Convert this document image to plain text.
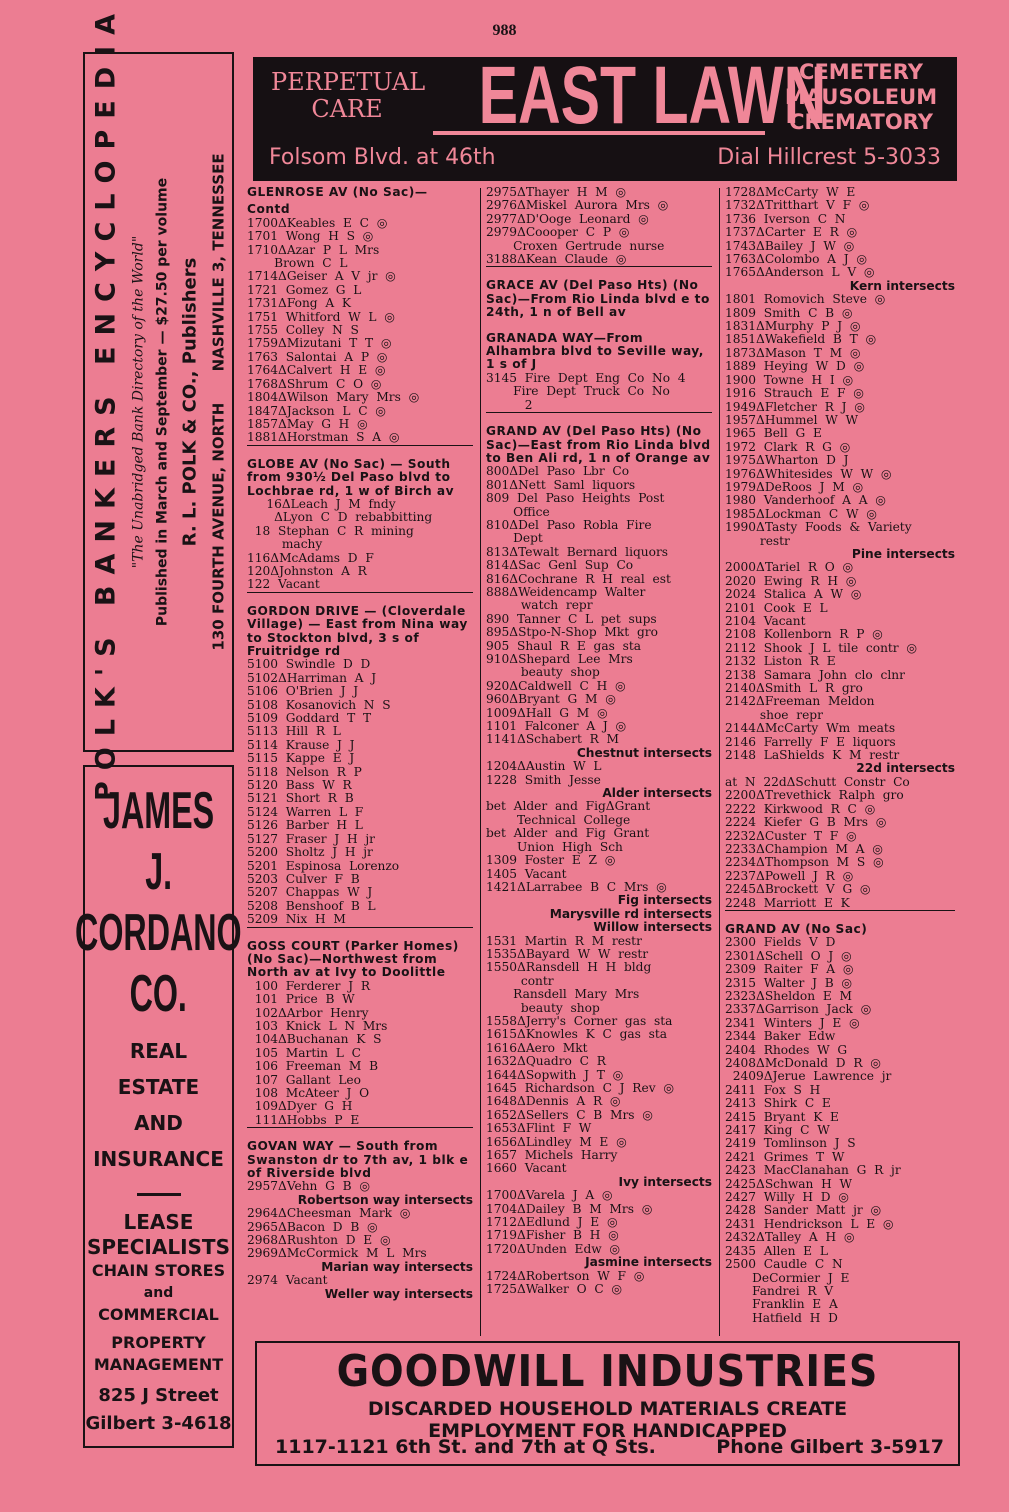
988
POLK'S BANKERS ENCYCLOPEDIA "The Unabridged Bank Directory of the World" Published in March and September — $27.50 per volume R. L. POLK & CO., Publishers 130 FOURTH AVENUE, NORTH      NASHVILLE 3, TENNESSEE
JAMES
J.
CORDANO
CO.
REAL
ESTATE
AND
INSURANCE
LEASE
SPECIALISTS
CHAIN STORES
and
COMMERCIAL
PROPERTY
MANAGEMENT
825 J Street
Gilbert 3-4618
PERPETUAL
CARE	EAST LAWN
CEMETERY
MAUSOLEUM
CREMATORY
Folsom Blvd. at 46th	Dial Hillcrest 5-3033

GLENROSE AV (No Sac)—

Contd

1700ΔKeables  E  C  ◎

1701  Wong  H  S  ◎

1710ΔAzar  P  L  Mrs

Brown  C  L

1714ΔGeiser  A  V  jr  ◎

1721  Gomez  G  L

1731ΔFong  A  K

1751  Whitford  W  L  ◎

1755  Colley  N  S

1759ΔMizutani  T  T  ◎

1763  Salontai  A  P  ◎

1764ΔCalvert  H  E  ◎

1768ΔShrum  C  O  ◎

1804ΔWilson  Mary  Mrs  ◎

1847ΔJackson  L  C  ◎

1857ΔMay  G  H  ◎

1881ΔHorstman  S  A  ◎

GLOBE AV (No Sac) — South from 930½ Del Paso blvd to Lochbrae rd, 1 w of Birch av

16ΔLeach  J  M  fndy

ΔLyon  C  D  rebabbitting

18  Stephan  C  R  mining

machy

116ΔMcAdams  D  F

120ΔJohnston  A  R

122  Vacant

GORDON DRIVE — (Cloverdale Village) — East from Nina way to Stockton blvd, 3 s of Fruitridge rd

5100  Swindle  D  D

5102ΔHarriman  A  J

5106  O'Brien  J  J

5108  Kosanovich  N  S

5109  Goddard  T  T

5113  Hill  R  L

5114  Krause  J  J

5115  Kappe  E  J

5118  Nelson  R  P

5120  Bass  W  R

5121  Short  R  B

5124  Warren  L  F

5126  Barber  H  L

5127  Fraser  J  H  jr

5200  Sholtz  J  H  jr

5201  Espinosa  Lorenzo

5203  Culver  F  B

5207  Chappas  W  J

5208  Benshoof  B  L

5209  Nix  H  M

GOSS COURT (Parker Homes) (No Sac)—Northwest from North av at Ivy to Doolittle

100  Ferderer  J  R

101  Price  B  W

102ΔArbor  Henry

103  Knick  L  N  Mrs

104ΔBuchanan  K  S

105  Martin  L  C

106  Freeman  M  B

107  Gallant  Leo

108  McAteer  J  O

109ΔDyer  G  H

111ΔHobbs  P  E

GOVAN WAY — South from Swanston dr to 7th av, 1 blk e of Riverside blvd

2957ΔVehn  G  B  ◎

Robertson way intersects

2964ΔCheesman  Mark  ◎

2965ΔBacon  D  B  ◎

2968ΔRushton  D  E  ◎

2969ΔMcCormick  M  L  Mrs

Marian way intersects

2974  Vacant

Weller way intersects

2975ΔThayer  H  M  ◎

2976ΔMiskel  Aurora  Mrs  ◎

2977ΔD'Ooge  Leonard  ◎

2979ΔCoooper  C  P  ◎

Croxen  Gertrude  nurse

3188ΔKean  Claude  ◎

GRACE AV (Del Paso Hts) (No Sac)—From Rio Linda blvd e to 24th, 1 n of Bell av

GRANADA WAY—From Alhambra blvd to Seville way, 1 s of J

3145  Fire  Dept  Eng  Co  No  4

Fire  Dept  Truck  Co  No

2

GRAND AV (Del Paso Hts) (No Sac)—East from Rio Linda blvd to Ben Ali rd, 1 n of Orange av

800ΔDel  Paso  Lbr  Co

801ΔNett  Saml  liquors

809  Del  Paso  Heights  Post

Office

810ΔDel  Paso  Robla  Fire

Dept

813ΔTewalt  Bernard  liquors

814ΔSac  Genl  Sup  Co

816ΔCochrane  R  H  real  est

888ΔWeidencamp  Walter

watch  repr

890  Tanner  C  L  pet  sups

895ΔStpo-N-Shop  Mkt  gro

905  Shaul  R  E  gas  sta

910ΔShepard  Lee  Mrs

beauty  shop

920ΔCaldwell  C  H  ◎

960ΔBryant  G  M  ◎

1009ΔHall  G  M  ◎

1101  Falconer  A  J  ◎

1141ΔSchabert  R  M

Chestnut intersects

1204ΔAustin  W  L

1228  Smith  Jesse

Alder intersects

bet  Alder  and  FigΔGrant

Technical  College

bet  Alder  and  Fig  Grant

Union  High  Sch

1309  Foster  E  Z  ◎

1405  Vacant

1421ΔLarrabee  B  C  Mrs  ◎

Fig intersects

Marysville rd intersects

Willow intersects

1531  Martin  R  M  restr

1535ΔBayard  W  W  restr

1550ΔRansdell  H  H  bldg

contr

Ransdell  Mary  Mrs

beauty  shop

1558ΔJerry's  Corner  gas  sta

1615ΔKnowles  K  C  gas  sta

1616ΔAero  Mkt

1632ΔQuadro  C  R

1644ΔSopwith  J  T  ◎

1645  Richardson  C  J  Rev  ◎

1648ΔDennis  A  R  ◎

1652ΔSellers  C  B  Mrs  ◎

1653ΔFlint  F  W

1656ΔLindley  M  E  ◎

1657  Michels  Harry

1660  Vacant

Ivy intersects

1700ΔVarela  J  A  ◎

1704ΔDailey  B  M  Mrs  ◎

1712ΔEdlund  J  E  ◎

1719ΔFisher  B  H  ◎

1720ΔUnden  Edw  ◎

Jasmine intersects

1724ΔRobertson  W  F  ◎

1725ΔWalker  O  C  ◎

1728ΔMcCarty  W  E

1732ΔTritthart  V  F  ◎

1736  Iverson  C  N

1737ΔCarter  E  R  ◎

1743ΔBailey  J  W  ◎

1763ΔColombo  A  J  ◎

1765ΔAnderson  L  V  ◎

Kern intersects

1801  Romovich  Steve  ◎

1809  Smith  C  B  ◎

1831ΔMurphy  P  J  ◎

1851ΔWakefield  B  T  ◎

1873ΔMason  T  M  ◎

1889  Heying  W  D  ◎

1900  Towne  H  I  ◎

1916  Strauch  E  F  ◎

1949ΔFletcher  R  J  ◎

1957ΔHummel  W  W

1965  Bell  G  E

1972  Clark  R  G  ◎

1975ΔWharton  D  J

1976ΔWhitesides  W  W  ◎

1979ΔDeRoos  J  M  ◎

1980  Vanderhoof  A  A  ◎

1985ΔLockman  C  W  ◎

1990ΔTasty  Foods  &  Variety

restr

Pine intersects

2000ΔTariel  R  O  ◎

2020  Ewing  R  H  ◎

2024  Stalica  A  W  ◎

2101  Cook  E  L

2104  Vacant

2108  Kollenborn  R  P  ◎

2112  Shook  J  L  tile  contr  ◎

2132  Liston  R  E

2138  Samara  John  clo  clnr

2140ΔSmith  L  R  gro

2142ΔFreeman  Meldon

shoe  repr

2144ΔMcCarty  Wm  meats

2146  Farrelly  F  E  liquors

2148  LaShields  K  M  restr

22d intersects

at  N  22dΔSchutt  Constr  Co

2200ΔTrevethick  Ralph  gro

2222  Kirkwood  R  C  ◎

2224  Kiefer  G  B  Mrs  ◎

2232ΔCuster  T  F  ◎

2233ΔChampion  M  A  ◎

2234ΔThompson  M  S  ◎

2237ΔPowell  J  R  ◎

2245ΔBrockett  V  G  ◎

2248  Marriott  E  K

GRAND AV (No Sac)

2300  Fields  V  D

2301ΔSchell  O  J  ◎

2309  Raiter  F  A  ◎

2315  Walter  J  B  ◎

2323ΔSheldon  E  M

2337ΔGarrison  Jack  ◎

2341  Winters  J  E  ◎

2344  Baker  Edw

2404  Rhodes  W  G

2408ΔMcDonald  D  R  ◎

2409ΔJerue  Lawrence  jr

2411  Fox  S  H

2413  Shirk  C  E

2415  Bryant  K  E

2417  King  C  W

2419  Tomlinson  J  S

2421  Grimes  T  W

2423  MacClanahan  G  R  jr

2425ΔSchwan  H  W

2427  Willy  H  D  ◎

2428  Sander  Matt  jr  ◎

2431  Hendrickson  L  E  ◎

2432ΔTalley  A  H  ◎

2435  Allen  E  L

2500  Caudle  C  N

DeCormier  J  E

Fandrei  R  V

Franklin  E  A

Hatfield  H  D

GOODWILL INDUSTRIES
DISCARDED HOUSEHOLD MATERIALS CREATE
EMPLOYMENT FOR HANDICAPPED
1117-1121 6th St. and 7th at Q Sts.	Phone Gilbert 3-5917
